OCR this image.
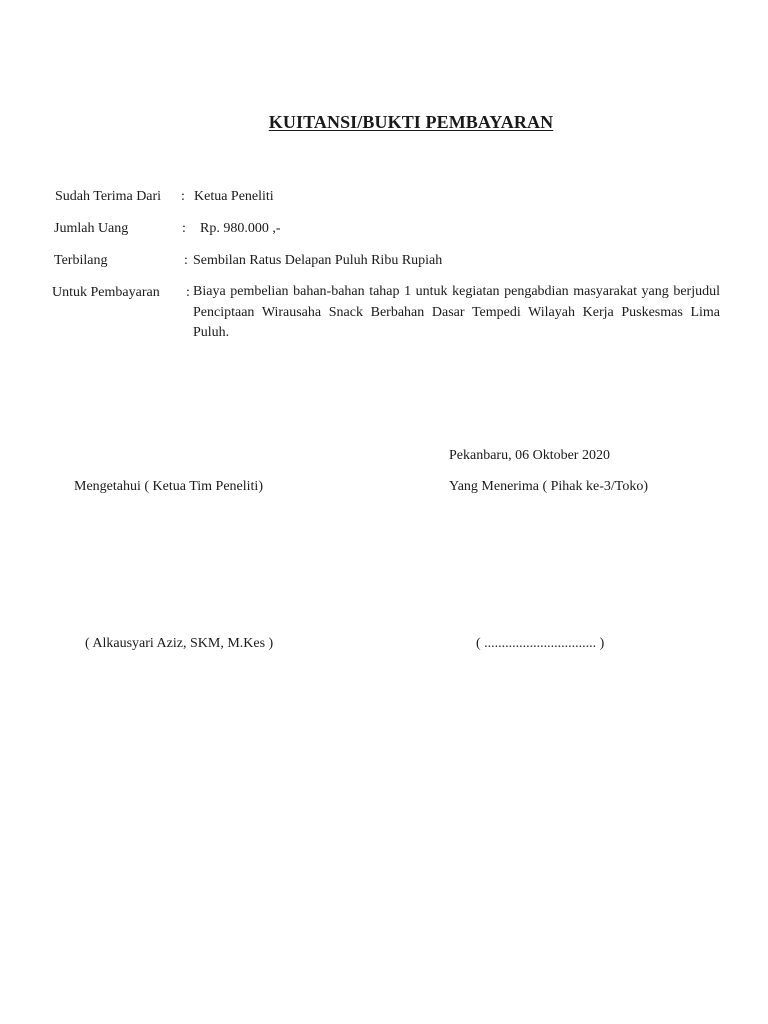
KUITANSI/BUKTI PEMBAYARAN
Sudah Terima Dari : Ketua Peneliti
Jumlah Uang	: Rp. 980.000 ,-
Terbilang	: Sembilan Ratus Delapan Puluh Ribu Rupiah
Untuk Pembayaran : Biaya pembelian bahan-bahan tahap 1 untuk kegiatan pengabdian masyarakat yang berjudul Penciptaan Wirausaha Snack Berbahan Dasar Tempedi Wilayah Kerja Puskesmas Lima Puluh.
Pekanbaru, 06 Oktober 2020
Mengetahui ( Ketua Tim Peneliti)	Yang Menerima ( Pihak ke-3/Toko)
( Alkausyari Aziz, SKM, M.Kes )	( ................................ )
